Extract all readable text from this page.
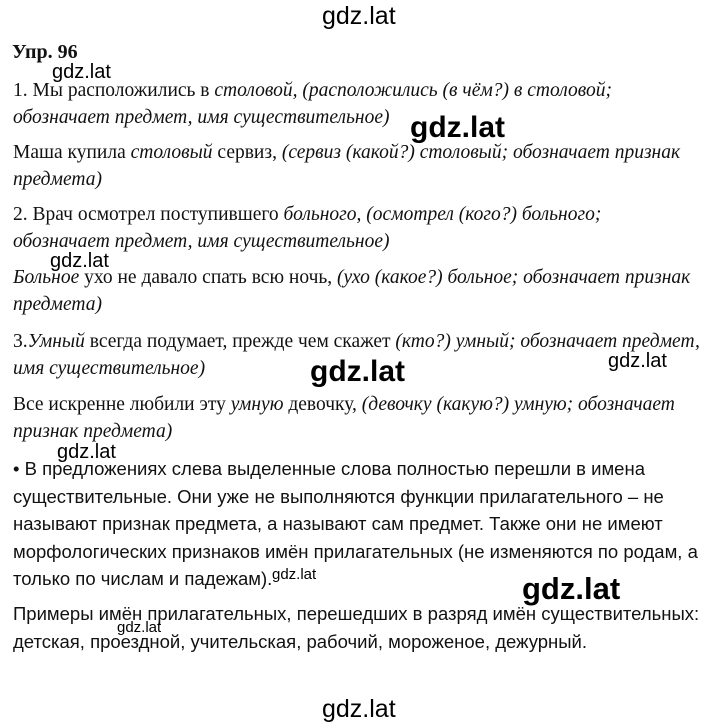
gdz.lat
Упр. 96

1. Мы расположились в столовой, (расположились (в чём?) в столовой; обозначает предмет, имя существительное)

Маша купила столовый сервиз, (сервиз (какой?) столовый; обозначает признак предмета)

2. Врач осмотрел поступившего больного, (осмотрел (кого?) больного; обозначает предмет, имя существительное)

Больное ухо не давало спать всю ночь, (ухо (какое?) больное; обозначает признак предмета)

3.Умный всегда подумает, прежде чем скажет (кто?) умный; обозначает предмет, имя существительное)

Все искренне любили эту умную девочку, (девочку (какую?) умную; обозначает признак предмета)

• В предложениях слева выделенные слова полностью перешли в имена существительные. Они уже не выполняются функции прилагательного – не называют признак предмета, а называют сам предмет. Также они не имеют морфологических признаков имён прилагательных (не изменяются по родам, а только по числам и падежам).

Примеры имён прилагательных, перешедших в разряд имён существительных: детская, проездной, учительская, рабочий, мороженое, дежурный.

gdz.lat
gdz.lat
gdz.lat
gdz.lat
gdz.lat
gdz.lat
gdz.lat	gdz.lat
gdz.lat
gdz.lat
